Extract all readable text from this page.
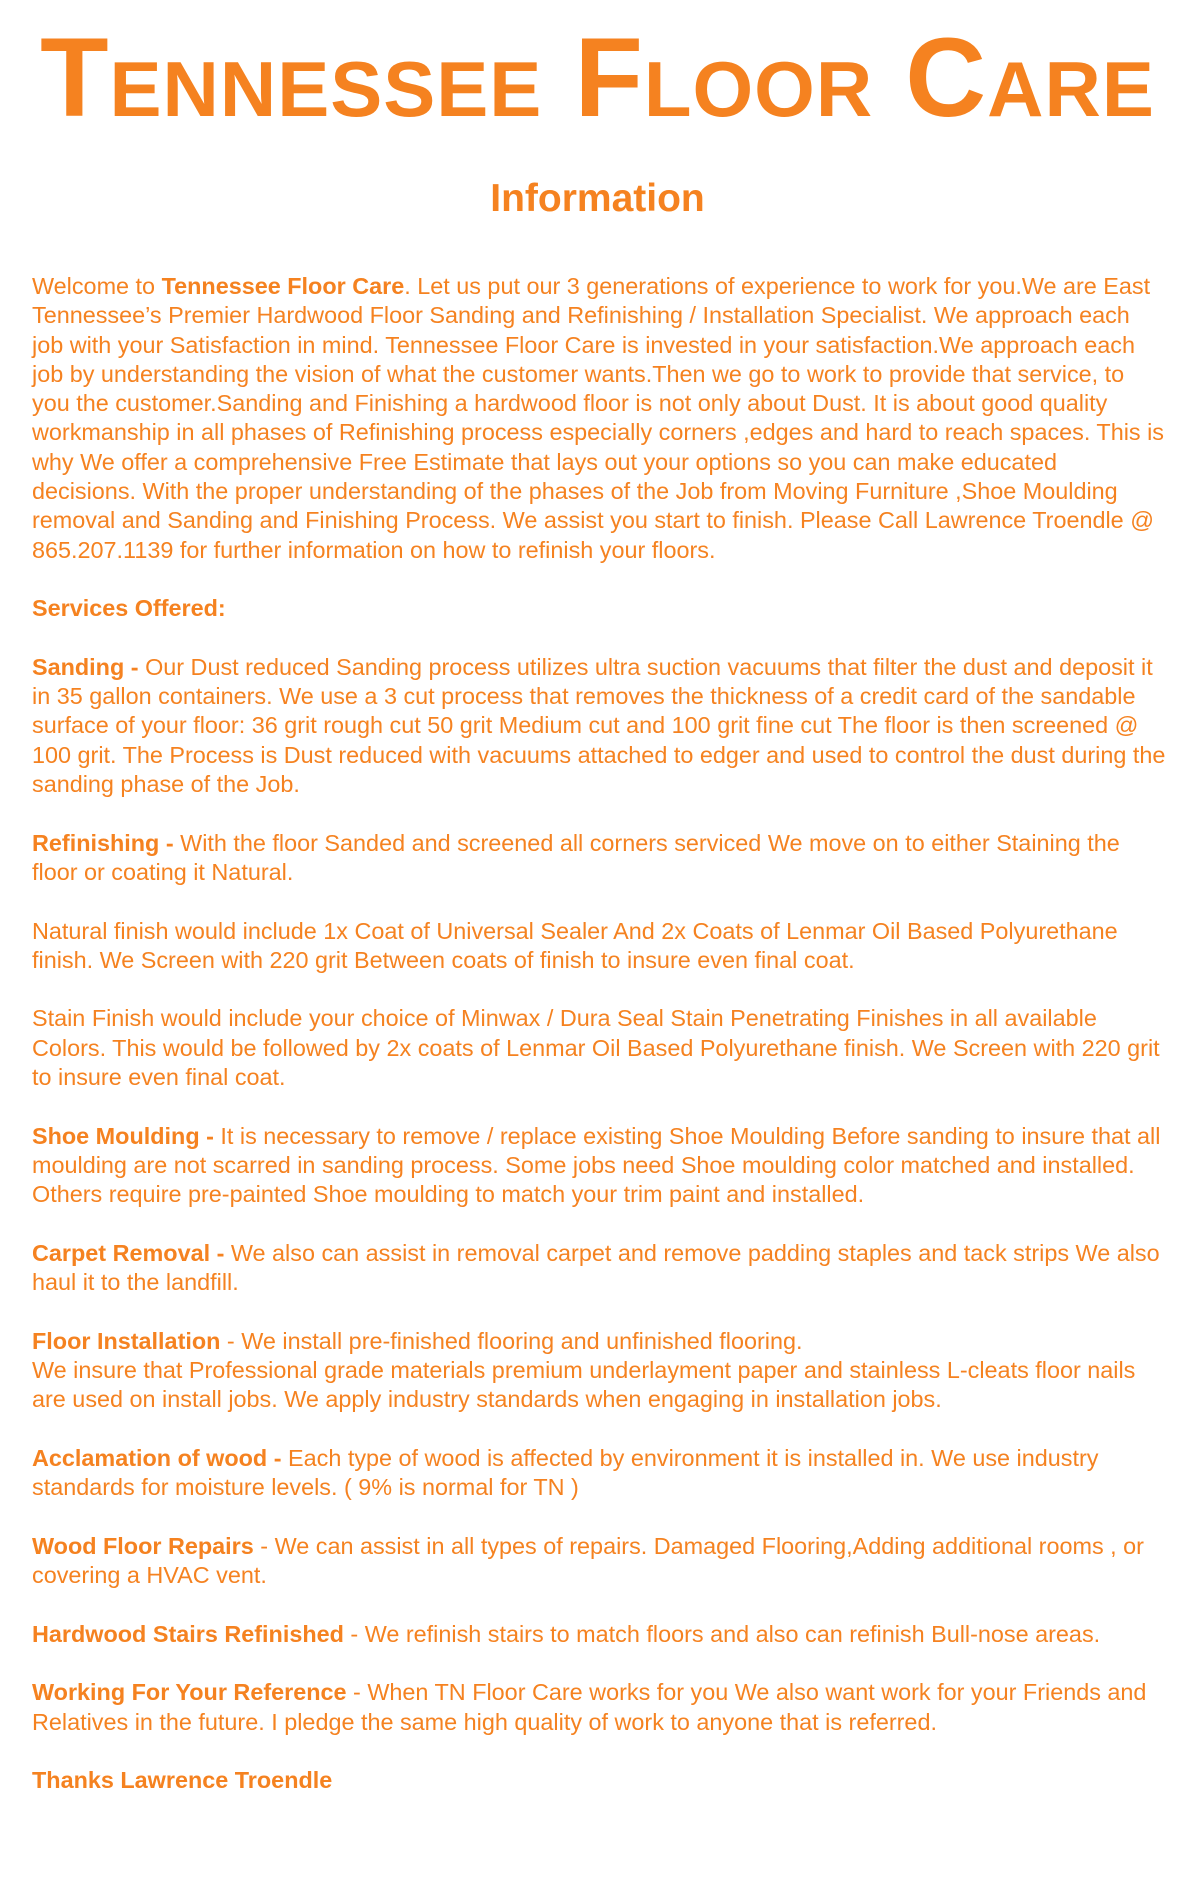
Tennessee Floor Care
Information

Welcome to Tennessee Floor Care. Let us put our 3 generations of experience to work for you.We are East Tennessee’s Premier Hardwood Floor Sanding and Refinishing / Installation Specialist. We approach each job with your Satisfaction in mind. Tennessee Floor Care is invested in your satisfaction.We approach each job by understanding the vision of what the customer wants.Then we go to work to provide that service, to you the customer.Sanding and Finishing a hardwood floor is not only about Dust. It is about good quality workmanship in all phases of Refinishing process especially corners ,edges and hard to reach spaces. This is why We offer a comprehensive Free Estimate that lays out your options so you can make educated decisions. With the proper understanding of the phases of the Job from Moving Furniture ,Shoe Moulding removal and Sanding and Finishing Process. We assist you start to finish. Please Call Lawrence Troendle @ 865.207.1139 for further information on how to refinish your floors.

Services Offered:

Sanding - Our Dust reduced Sanding process utilizes ultra suction vacuums that filter the dust and deposit it in 35 gallon containers. We use a 3 cut process that removes the thickness of a credit card of the sandable surface of your floor: 36 grit rough cut 50 grit Medium cut and 100 grit fine cut The floor is then screened @ 100 grit. The Process is Dust reduced with vacuums attached to edger and used to control the dust during the sanding phase of the Job.

Refinishing - With the floor Sanded and screened all corners serviced We move on to either Staining the floor or coating it Natural.

Natural finish would include 1x Coat of Universal Sealer And 2x Coats of Lenmar Oil Based Polyurethane finish. We Screen with 220 grit Between coats of finish to insure even final coat.

Stain Finish would include your choice of Minwax / Dura Seal Stain Penetrating Finishes in all available Colors. This would be followed by 2x coats of Lenmar Oil Based Polyurethane finish. We Screen with 220 grit to insure even final coat.

Shoe Moulding - It is necessary to remove / replace existing Shoe Moulding Before sanding to insure that all moulding are not scarred in sanding process. Some jobs need Shoe moulding color matched and installed. Others require pre-painted Shoe moulding to match your trim paint and installed.

Carpet Removal - We also can assist in removal carpet and remove padding staples and tack strips We also haul it to the landfill.

Floor Installation - We install pre-finished flooring and unfinished flooring.
We insure that Professional grade materials premium underlayment paper and stainless L-cleats floor nails are used on install jobs. We apply industry standards when engaging in installation jobs.

Acclamation of wood - Each type of wood is affected by environment it is installed in. We use industry standards for moisture levels. ( 9% is normal for TN )

Wood Floor Repairs - We can assist in all types of repairs. Damaged Flooring,Adding additional rooms , or covering a HVAC vent.

Hardwood Stairs Refinished - We refinish stairs to match floors and also can refinish Bull-nose areas.

Working For Your Reference - When TN Floor Care works for you We also want work for your Friends and Relatives in the future. I pledge the same high quality of work to anyone that is referred.

Thanks Lawrence Troendle
